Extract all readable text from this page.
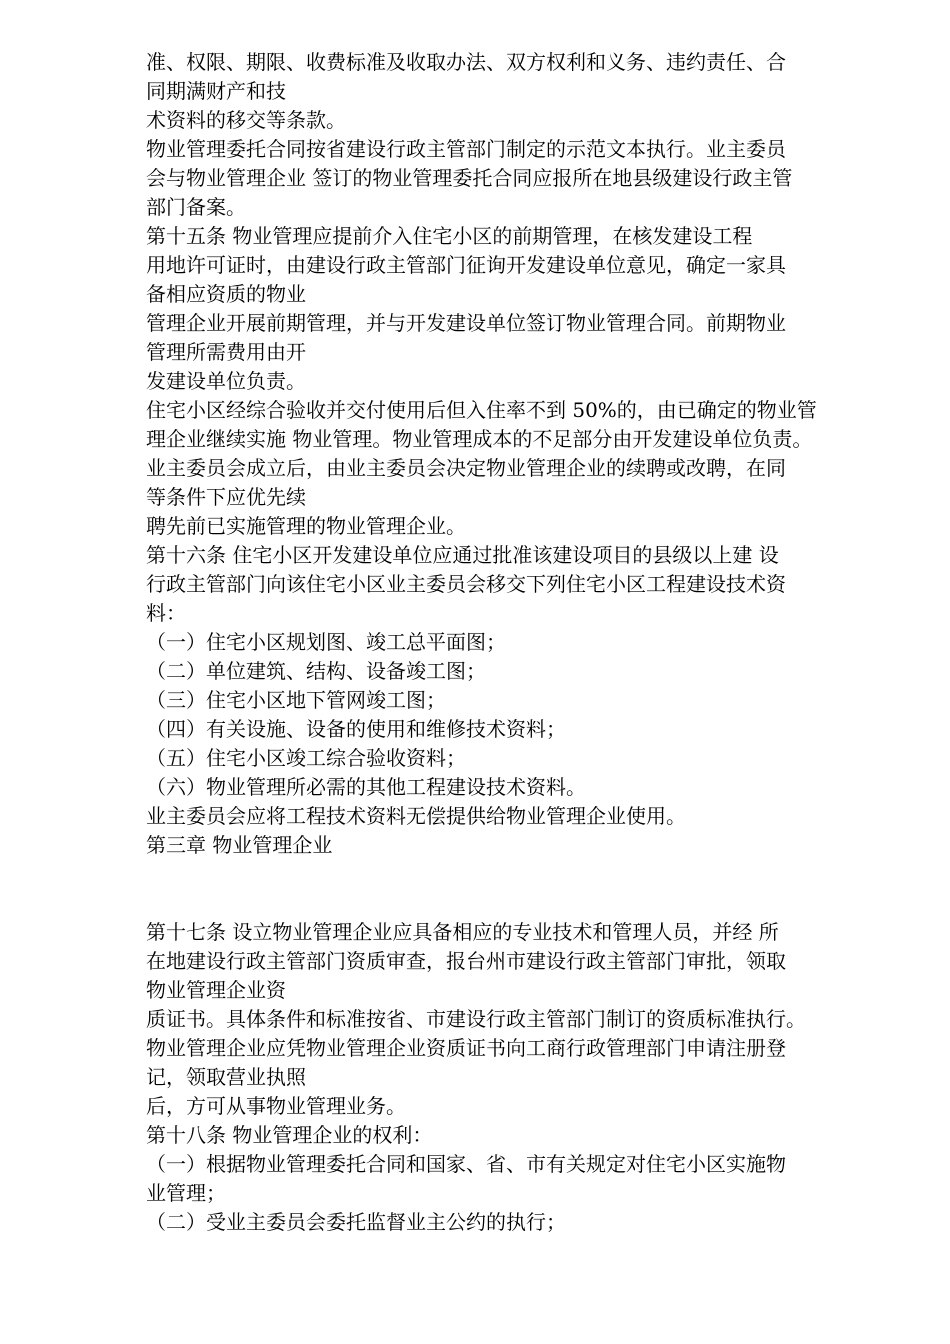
准、权限、期限、收费标准及收取办法、双方权利和义务、违约责任、合
同期满财产和技
术资料的移交等条款。
物业管理委托合同按省建设行政主管部门制定的示范文本执行。业主委员
会与物业管理企业 签订的物业管理委托合同应报所在地县级建设行政主管
部门备案。
第十五条 物业管理应提前介入住宅小区的前期管理，在核发建设工程
用地许可证时，由建设行政主管部门征询开发建设单位意见，确定一家具
备相应资质的物业
管理企业开展前期管理，并与开发建设单位签订物业管理合同。前期物业
管理所需费用由开
发建设单位负责。
住宅小区经综合验收并交付使用后但入住率不到 50%的，由已确定的物业管
理企业继续实施 物业管理。物业管理成本的不足部分由开发建设单位负责。
业主委员会成立后，由业主委员会决定物业管理企业的续聘或改聘，在同
等条件下应优先续
聘先前已实施管理的物业管理企业。
第十六条 住宅小区开发建设单位应通过批准该建设项目的县级以上建 设
行政主管部门向该住宅小区业主委员会移交下列住宅小区工程建设技术资
料：
（一）住宅小区规划图、竣工总平面图；
（二）单位建筑、结构、设备竣工图；
（三）住宅小区地下管网竣工图；
（四）有关设施、设备的使用和维修技术资料；
（五）住宅小区竣工综合验收资料；
（六）物业管理所必需的其他工程建设技术资料。
业主委员会应将工程技术资料无偿提供给物业管理企业使用。
第三章 物业管理企业
第十七条 设立物业管理企业应具备相应的专业技术和管理人员，并经 所
在地建设行政主管部门资质审查，报台州市建设行政主管部门审批，领取
物业管理企业资
质证书。具体条件和标准按省、市建设行政主管部门制订的资质标准执行。
物业管理企业应凭物业管理企业资质证书向工商行政管理部门申请注册登
记，领取营业执照
后，方可从事物业管理业务。
第十八条 物业管理企业的权利：
（一）根据物业管理委托合同和国家、省、市有关规定对住宅小区实施物
业管理；
（二）受业主委员会委托监督业主公约的执行；
